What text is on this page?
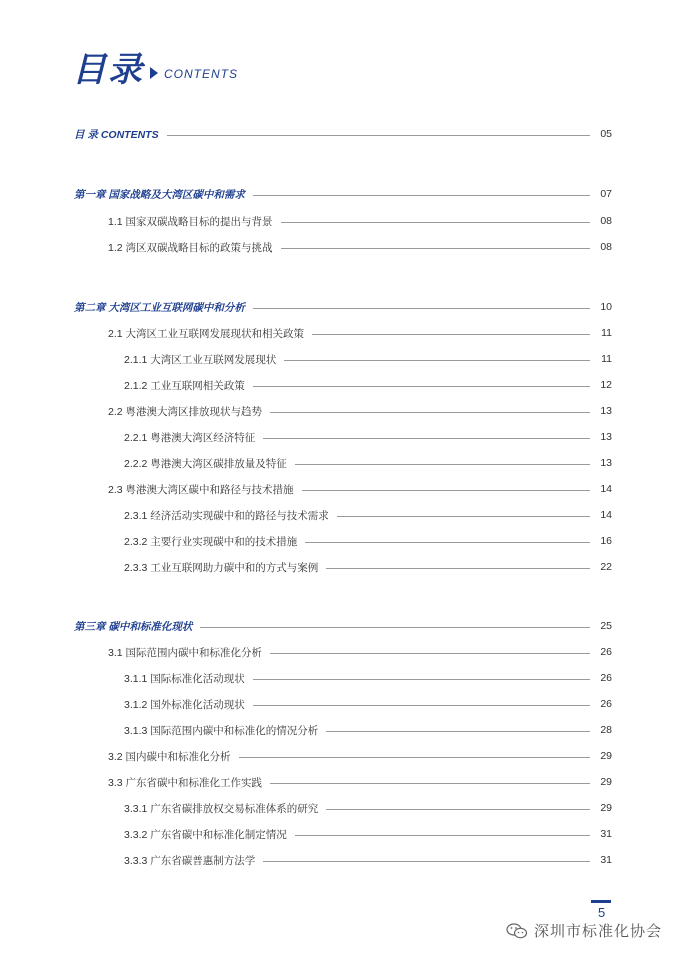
目录 CONTENTS
目 录 CONTENTS	05
第一章 国家战略及大湾区碳中和需求	07
1.1 国家双碳战略目标的提出与背景	08
1.2 湾区双碳战略目标的政策与挑战	08
第二章 大湾区工业互联网碳中和分析	10
2.1 大湾区工业互联网发展现状和相关政策	11
2.1.1 大湾区工业互联网发展现状	11
2.1.2 工业互联网相关政策	12
2.2 粤港澳大湾区排放现状与趋势	13
2.2.1 粤港澳大湾区经济特征	13
2.2.2 粤港澳大湾区碳排放量及特征	13
2.3 粤港澳大湾区碳中和路径与技术措施	14
2.3.1 经济活动实现碳中和的路径与技术需求	14
2.3.2 主要行业实现碳中和的技术措施	16
2.3.3 工业互联网助力碳中和的方式与案例	22
第三章 碳中和标准化现状	25
3.1 国际范围内碳中和标准化分析	26
3.1.1 国际标准化活动现状	26
3.1.2 国外标准化活动现状	26
3.1.3 国际范围内碳中和标准化的情况分析	28
3.2 国内碳中和标准化分析	29
3.3 广东省碳中和标准化工作实践	29
3.3.1 广东省碳排放权交易标准体系的研究	29
3.3.2 广东省碳中和标准化制定情况	31
3.3.3 广东省碳普惠制方法学	31
5
深圳市标准化协会
